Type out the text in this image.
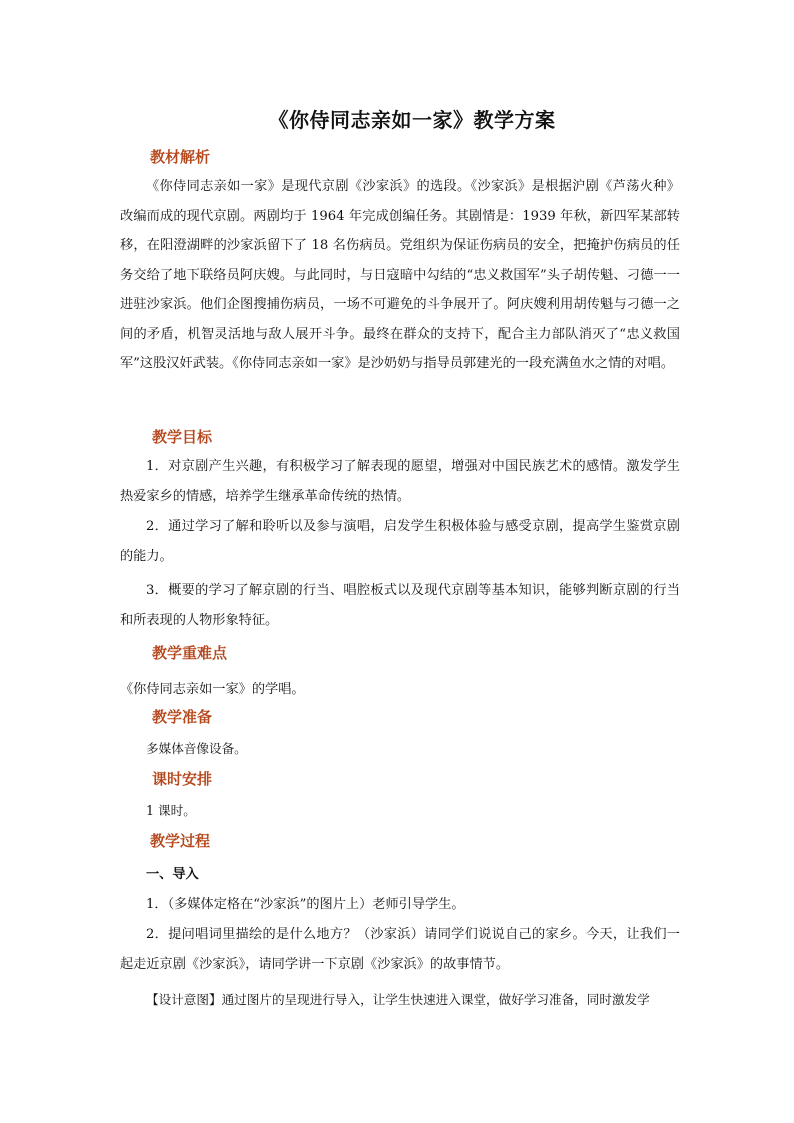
《你侍同志亲如一家》教学方案
教材解析
《你侍同志亲如一家》是现代京剧《沙家浜》的选段。《沙家浜》是根据沪剧《芦荡火种》改编而成的现代京剧。两剧均于 1964 年完成创编任务。其剧情是：1939 年秋，新四军某部转移，在阳澄湖畔的沙家浜留下了 18 名伤病员。党组织为保证伤病员的安全，把掩护伤病员的任务交给了地下联络员阿庆嫂。与此同时，与日寇暗中勾结的“忠义救国军”头子胡传魁、刁德一一进驻沙家浜。他们企图搜捕伤病员，一场不可避免的斗争展开了。阿庆嫂利用胡传魁与刁德一之间的矛盾，机智灵活地与敌人展开斗争。最终在群众的支持下，配合主力部队消灭了“忠义救国军”这股汉奸武装。《你侍同志亲如一家》是沙奶奶与指导员郭建光的一段充满鱼水之情的对唱。
教学目标
1．对京剧产生兴趣，有积极学习了解表现的愿望，增强对中国民族艺术的感情。激发学生热爱家乡的情感，培养学生继承革命传统的热情。
2．通过学习了解和聆听以及参与演唱，启发学生积极体验与感受京剧，提高学生鉴赏京剧的能力。
3．概要的学习了解京剧的行当、唱腔板式以及现代京剧等基本知识，能够判断京剧的行当和所表现的人物形象特征。
教学重难点
《你侍同志亲如一家》的学唱。
教学准备
多媒体音像设备。
课时安排
1 课时。
教学过程
一、导入
1．（多媒体定格在“沙家浜”的图片上）老师引导学生。
2．提问唱词里描绘的是什么地方？（沙家浜）请同学们说说自己的家乡。今天，让我们一起走近京剧《沙家浜》，请同学讲一下京剧《沙家浜》的故事情节。
【设计意图】通过图片的呈现进行导入，让学生快速进入课堂，做好学习准备，同时激发学
